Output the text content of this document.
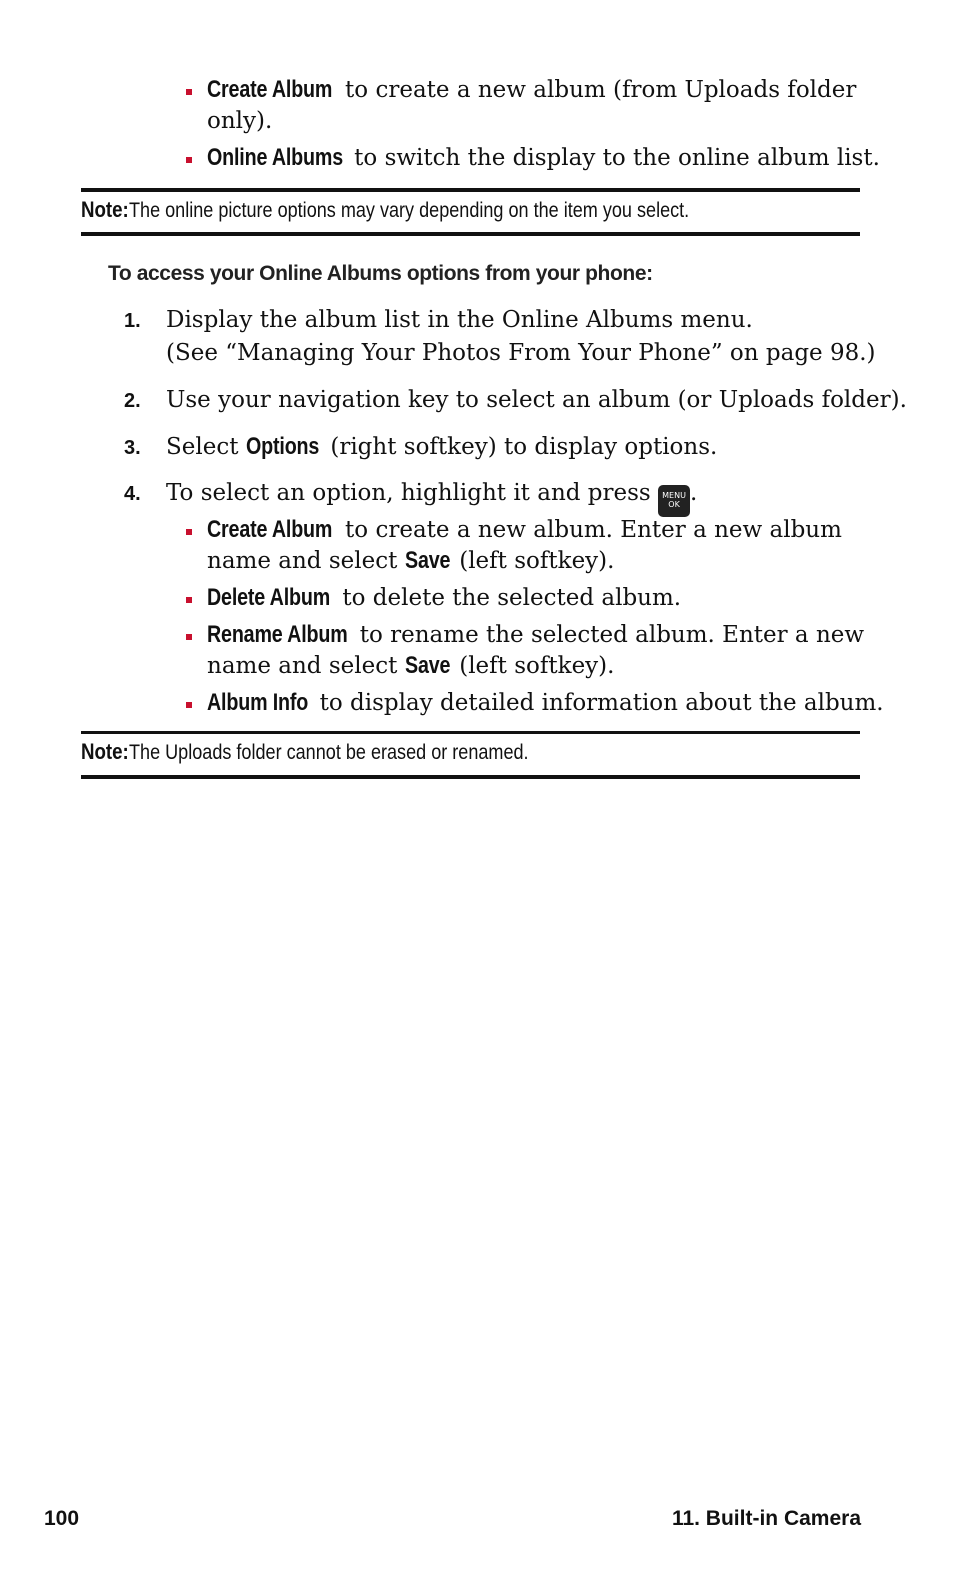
Create Album to create a new album (from Uploads folder
only).
Online Albums to switch the display to the online album list.
Note:The online picture options may vary depending on the item you select.
To access your Online Albums options from your phone:
1. Display the album list in the Online Albums menu.
(See “Managing Your Photos From Your Phone” on page 98.)
2. Use your navigation key to select an album (or Uploads folder).
3. Select Options (right softkey) to display options.
4. To select an option, highlight it and press MENU
OK .
Create Album to create a new album. Enter a new album
name and select Save (left softkey).
Delete Album to delete the selected album.
Rename Album to rename the selected album. Enter a new
name and select Save (left softkey).
Album Info to display detailed information about the album.
Note:The Uploads folder cannot be erased or renamed.
100	11. Built-in Camera
